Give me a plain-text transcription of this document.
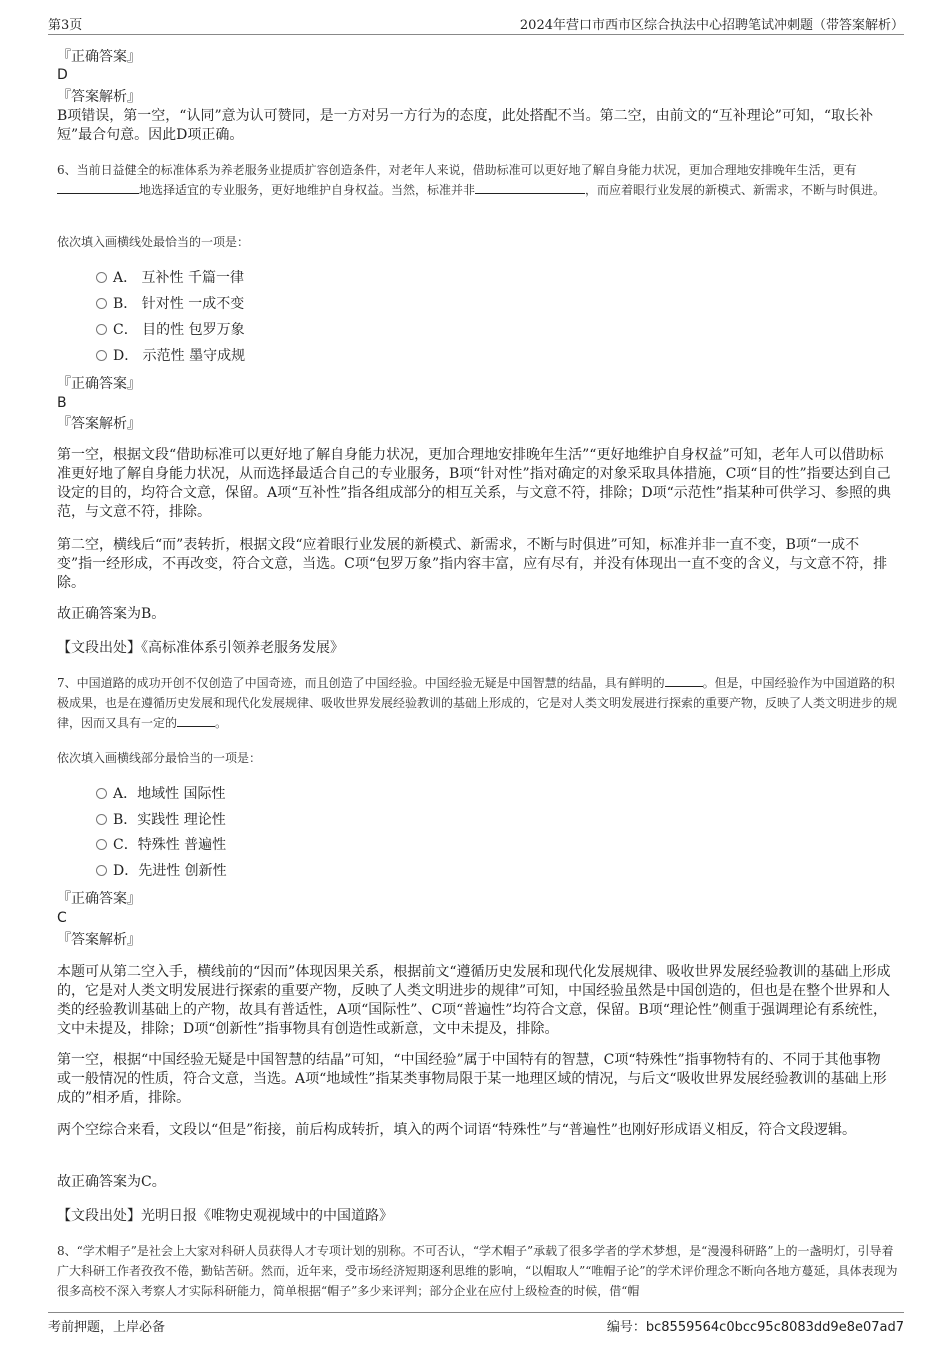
第3页	2024年营口市西市区综合执法中心招聘笔试冲刺题（带答案解析）

『正确答案』

D

『答案解析』

B项错误，第一空，“认同”意为认可赞同，是一方对另一方行为的态度，此处搭配不当。第二空，由前文的“互补理论”可知，“取长补短”最合句意。因此D项正确。

6、当前日益健全的标准体系为养老服务业提质扩容创造条件，对老年人来说，借助标准可以更好地了解自身能力状况，更加合理地安排晚年生活，更有地选择适宜的专业服务，更好地维护自身权益。当然，标准并非	，而应着眼行业发展的新模式、新需求，不断与时俱进。

依次填入画横线处最恰当的一项是：

A． 互补性 千篇一律
B． 针对性 一成不变
C． 目的性 包罗万象
D． 示范性 墨守成规

『正确答案』

B

『答案解析』

第一空，根据文段“借助标准可以更好地了解自身能力状况，更加合理地安排晚年生活”“更好地维护自身权益”可知，老年人可以借助标准更好地了解自身能力状况，从而选择最适合自己的专业服务，B项“针对性”指对确定的对象采取具体措施，C项“目的性”指要达到自己设定的目的，均符合文意，保留。A项“互补性”指各组成部分的相互关系，与文意不符，排除；D项“示范性”指某种可供学习、参照的典范，与文意不符，排除。

第二空，横线后“而”表转折，根据文段“应着眼行业发展的新模式、新需求，不断与时俱进”可知，标准并非一直不变，B项“一成不变”指一经形成，不再改变，符合文意，当选。C项“包罗万象”指内容丰富，应有尽有，并没有体现出一直不变的含义，与文意不符，排除。

故正确答案为B。

【文段出处】《高标准体系引领养老服务发展》

7、中国道路的成功开创不仅创造了中国奇迹，而且创造了中国经验。中国经验无疑是中国智慧的结晶，具有鲜明的	。但是，中国经验作为中国道路的积极成果，也是在遵循历史发展和现代化发展规律、吸收世界发展经验教训的基础上形成的，它是对人类文明发展进行探索的重要产物，反映了人类文明进步的规律，因而又具有一定的	。

依次填入画横线部分最恰当的一项是：

A．地域性 国际性
B．实践性 理论性
C．特殊性 普遍性
D．先进性 创新性

『正确答案』

C

『答案解析』

本题可从第二空入手，横线前的“因而”体现因果关系，根据前文“遵循历史发展和现代化发展规律、吸收世界发展经验教训的基础上形成的，它是对人类文明发展进行探索的重要产物，反映了人类文明进步的规律”可知，中国经验虽然是中国创造的，但也是在整个世界和人类的经验教训基础上的产物，故具有普适性，A项“国际性”、C项“普遍性”均符合文意，保留。B项“理论性”侧重于强调理论有系统性，文中未提及，排除；D项“创新性”指事物具有创造性或新意，文中未提及，排除。

第一空，根据“中国经验无疑是中国智慧的结晶”可知，“中国经验”属于中国特有的智慧，C项“特殊性”指事物特有的、不同于其他事物或一般情况的性质，符合文意，当选。A项“地域性”指某类事物局限于某一地理区域的情况，与后文“吸收世界发展经验教训的基础上形成的”相矛盾，排除。

两个空综合来看，文段以“但是”衔接，前后构成转折，填入的两个词语“特殊性”与“普遍性”也刚好形成语义相反，符合文段逻辑。

故正确答案为C。

【文段出处】光明日报《唯物史观视域中的中国道路》

8、“学术帽子”是社会上大家对科研人员获得人才专项计划的别称。不可否认，“学术帽子”承载了很多学者的学术梦想，是“漫漫科研路”上的一盏明灯，引导着广大科研工作者孜孜不倦，勤钻苦研。然而，近年来，受市场经济短期逐利思维的影响，“以帽取人”“唯帽子论”的学术评价理念不断向各地方蔓延，具体表现为很多高校不深入考察人才实际科研能力，简单根据“帽子”多少来评判；部分企业在应付上级检查的时候，借“帽

考前押题，上岸必备	编号：bc8559564c0bcc95c8083dd9e8e07ad7
